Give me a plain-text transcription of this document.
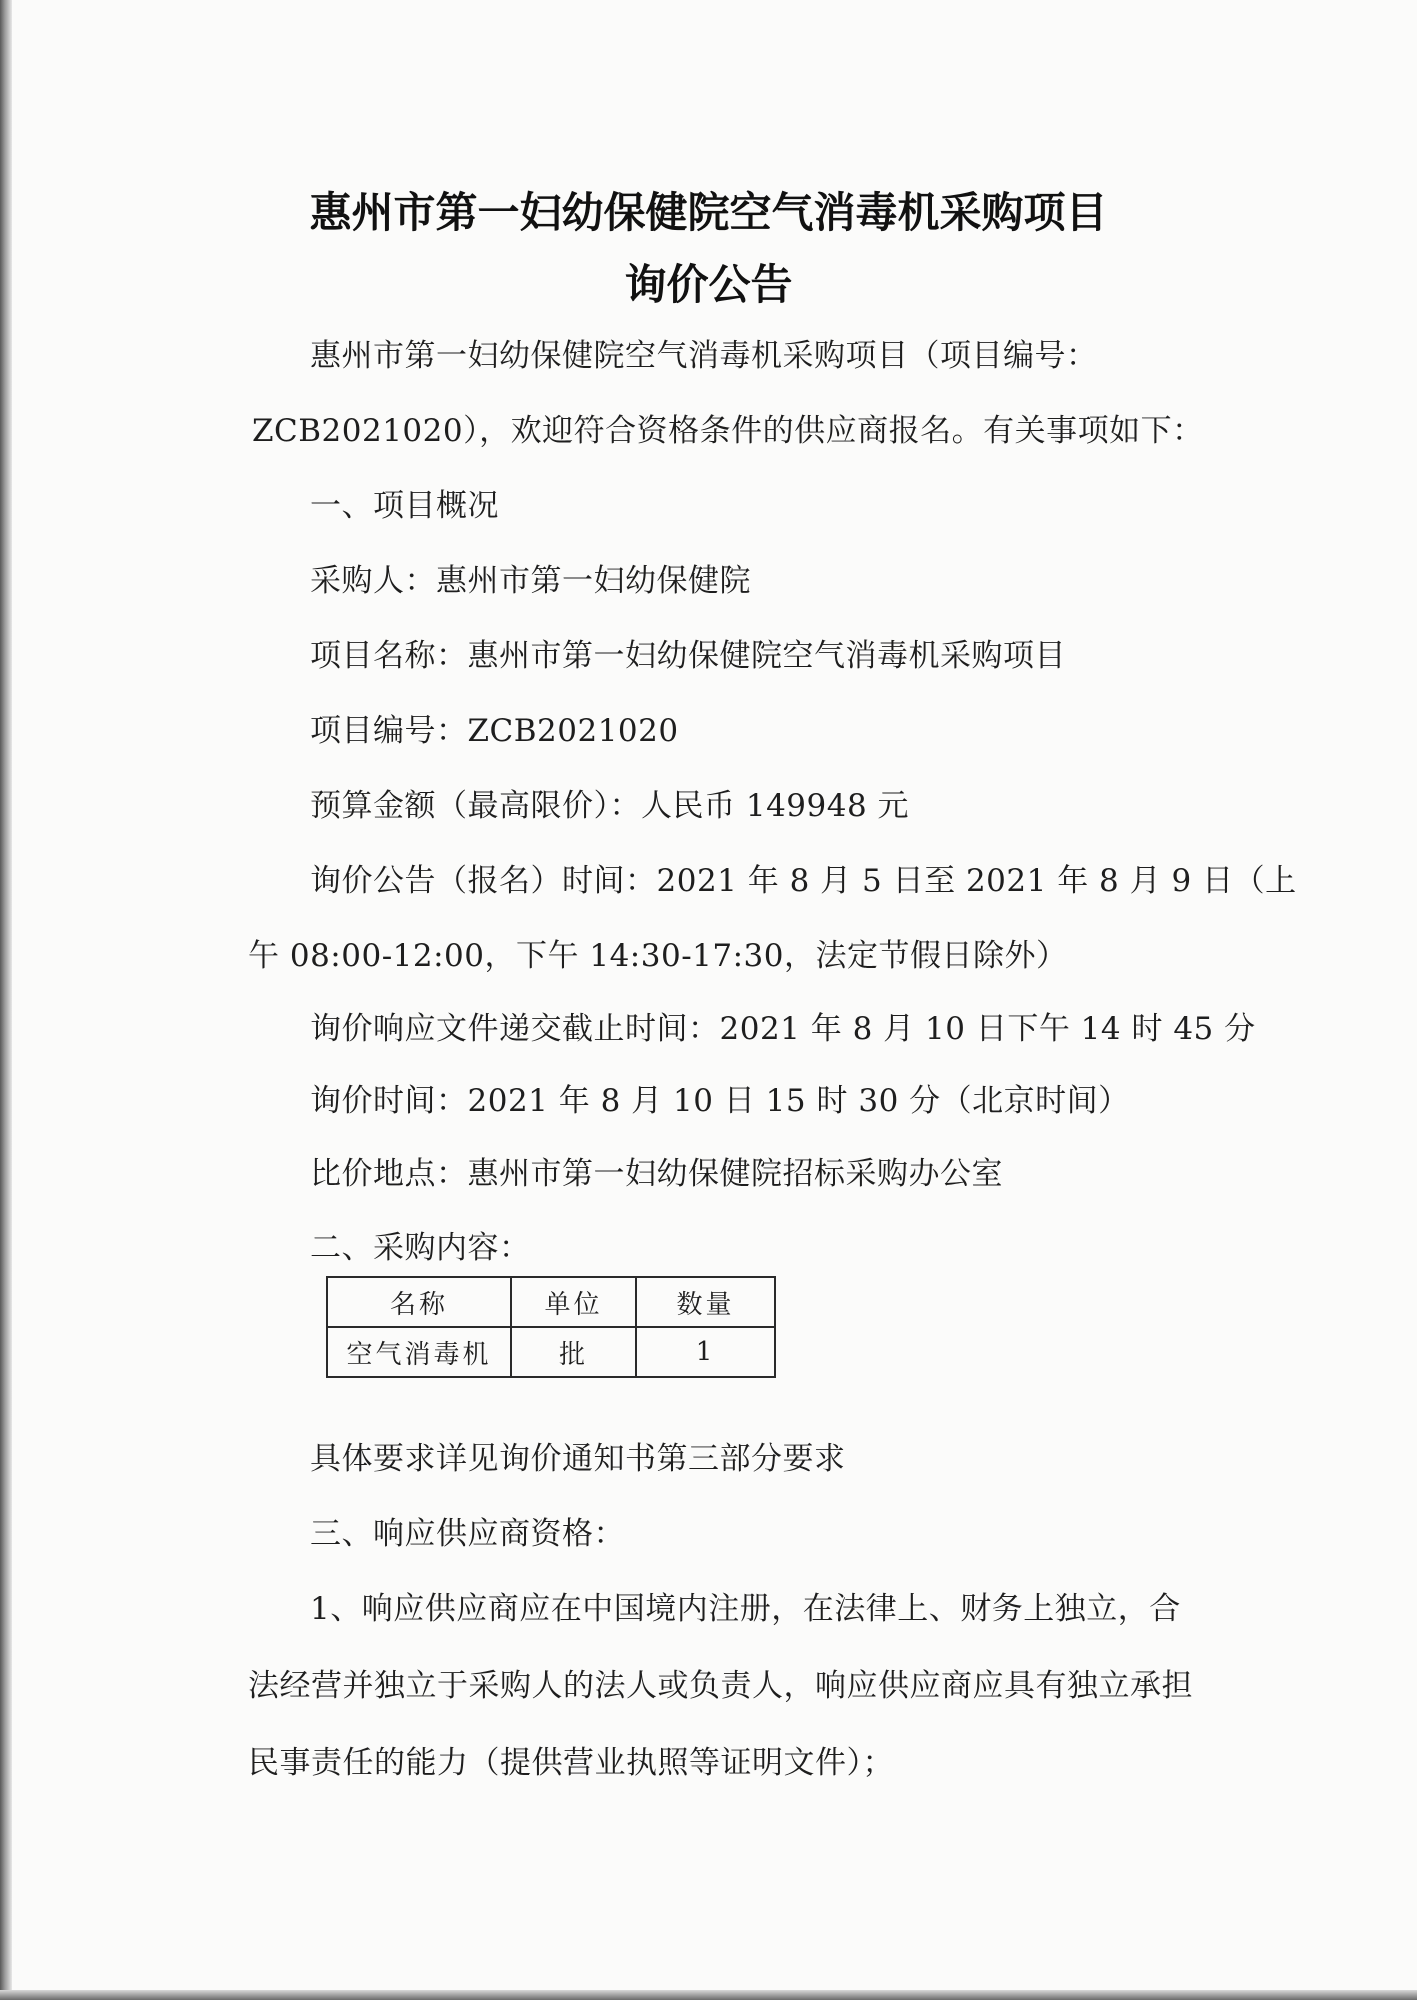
惠州市第一妇幼保健院空气消毒机采购项目
询价公告
惠州市第一妇幼保健院空气消毒机采购项目（项目编号：
ZCB2021020），欢迎符合资格条件的供应商报名。有关事项如下：
一、项目概况
采购人：惠州市第一妇幼保健院
项目名称：惠州市第一妇幼保健院空气消毒机采购项目
项目编号：ZCB2021020
预算金额（最高限价）：人民币 149948 元
询价公告（报名）时间：2021 年 8 月 5 日至 2021 年 8 月 9 日（上
午 08:00-12:00，下午 14:30-17:30，法定节假日除外）
询价响应文件递交截止时间：2021 年 8 月 10 日下午 14 时 45 分
询价时间：2021 年 8 月 10 日 15 时 30 分（北京时间）
比价地点：惠州市第一妇幼保健院招标采购办公室
二、采购内容：
名称	单位	数量
空气消毒机	批	1
具体要求详见询价通知书第三部分要求
三、响应供应商资格：
1、响应供应商应在中国境内注册，在法律上、财务上独立，合
法经营并独立于采购人的法人或负责人，响应供应商应具有独立承担
民事责任的能力（提供营业执照等证明文件）；
